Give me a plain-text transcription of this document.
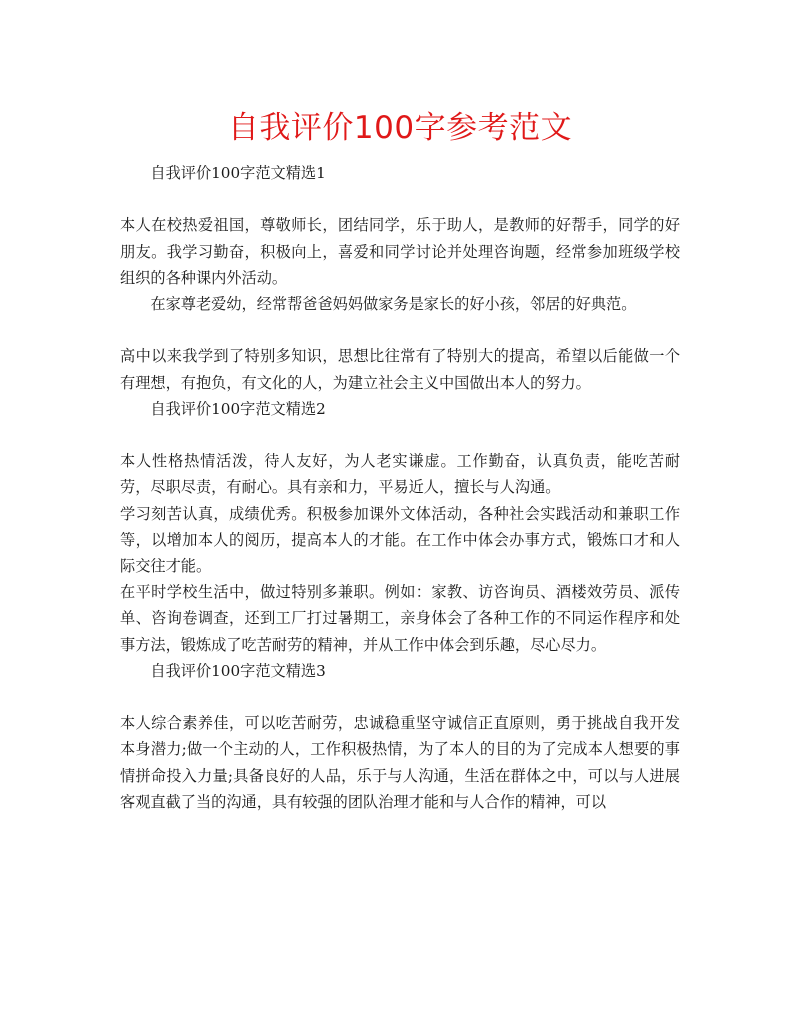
自我评价100字参考范文

自我评价100字范文精选1

本人在校热爱祖国，尊敬师长，团结同学，乐于助人，是教师的好帮手，同学的好朋友。我学习勤奋，积极向上，喜爱和同学讨论并处理咨询题，经常参加班级学校组织的各种课内外活动。

在家尊老爱幼，经常帮爸爸妈妈做家务是家长的好小孩，邻居的好典范。

高中以来我学到了特别多知识，思想比往常有了特别大的提高，希望以后能做一个有理想，有抱负，有文化的人，为建立社会主义中国做出本人的努力。

自我评价100字范文精选2

本人性格热情活泼，待人友好，为人老实谦虚。工作勤奋，认真负责，能吃苦耐劳，尽职尽责，有耐心。具有亲和力，平易近人，擅长与人沟通。

学习刻苦认真，成绩优秀。积极参加课外文体活动，各种社会实践活动和兼职工作等，以增加本人的阅历，提高本人的才能。在工作中体会办事方式，锻炼口才和人际交往才能。

在平时学校生活中，做过特别多兼职。例如：家教、访咨询员、酒楼效劳员、派传单、咨询卷调查，还到工厂打过暑期工，亲身体会了各种工作的不同运作程序和处事方法，锻炼成了吃苦耐劳的精神，并从工作中体会到乐趣，尽心尽力。

自我评价100字范文精选3

本人综合素养佳，可以吃苦耐劳，忠诚稳重坚守诚信正直原则，勇于挑战自我开发本身潜力;做一个主动的人，工作积极热情，为了本人的目的为了完成本人想要的事情拼命投入力量;具备良好的人品，乐于与人沟通，生活在群体之中，可以与人进展客观直截了当的沟通，具有较强的团队治理才能和与人合作的精神，可以
